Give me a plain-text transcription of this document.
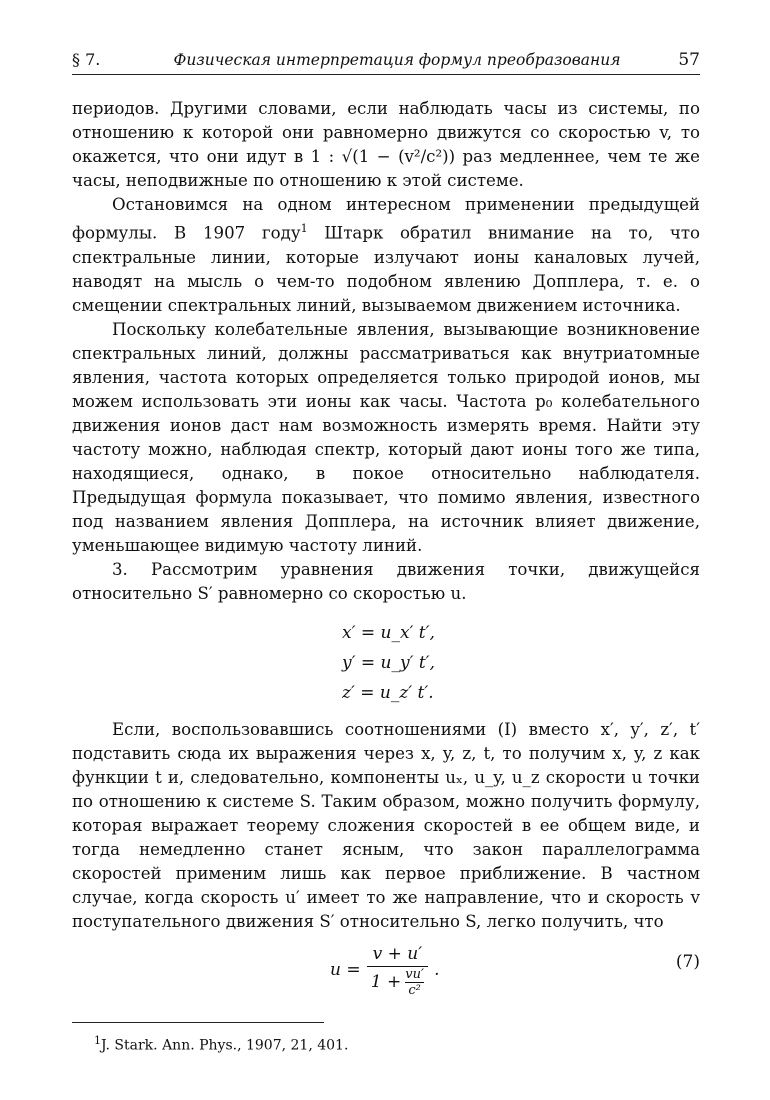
§ 7.	Физическая интерпретация формул преобразования	57

периодов. Другими словами, если наблюдать часы из системы, по отношению к которой они равномерно движутся со скоростью v, то окажется, что они идут в 1 : √(1 − (v²/c²)) раз медленнее, чем те же часы, неподвижные по отношению к этой системе.

Остановимся на одном интересном применении предыдущей формулы. В 1907 году$^1$ Штарк обратил внимание на то, что спектральные линии, которые излучают ионы каналовых лучей, наводят на мысль о чем-то подобном явлению Допплера, т. е. о смещении спектральных линий, вызываемом движением источника.

Поскольку колебательные явления, вызывающие возникновение спектральных линий, должны рассматриваться как внутриатомные явления, частота которых определяется только природой ионов, мы можем использовать эти ионы как часы. Частота p₀ колебательного движения ионов даст нам возможность измерять время. Найти эту частоту можно, наблюдая спектр, который дают ионы того же типа, находящиеся, однако, в покое относительно наблюдателя. Предыдущая формула показывает, что помимо явления, известного под названием явления Допплера, на источник влияет движение, уменьшающее видимую частоту линий.

3. Рассмотрим уравнения движения точки, движущейся относительно S′ равномерно со скоростью u.

x′ = u_x′ t′,
y′ = u_y′ t′,
z′ = u_z′ t′.

Если, воспользовавшись соотношениями (I) вместо x′, y′, z′, t′ подставить сюда их выражения через x, y, z, t, то получим x, y, z как функции t и, следовательно, компоненты uₓ, u_y, u_z скорости u точки по отношению к системе S. Таким образом, можно получить формулу, которая выражает теорему сложения скоростей в ее общем виде, и тогда немедленно станет ясным, что закон параллелограмма скоростей применим лишь как первое приближение. В частном случае, когда скорость u′ имеет то же направление, что и скорость v поступательного движения S′ относительно S, легко получить, что

u =
v + u′
$1 + \frac{vu'}{\text{c²}}$ .	(7)
$^1$J. Stark. Ann. Phys., 1907, 21, 401.
